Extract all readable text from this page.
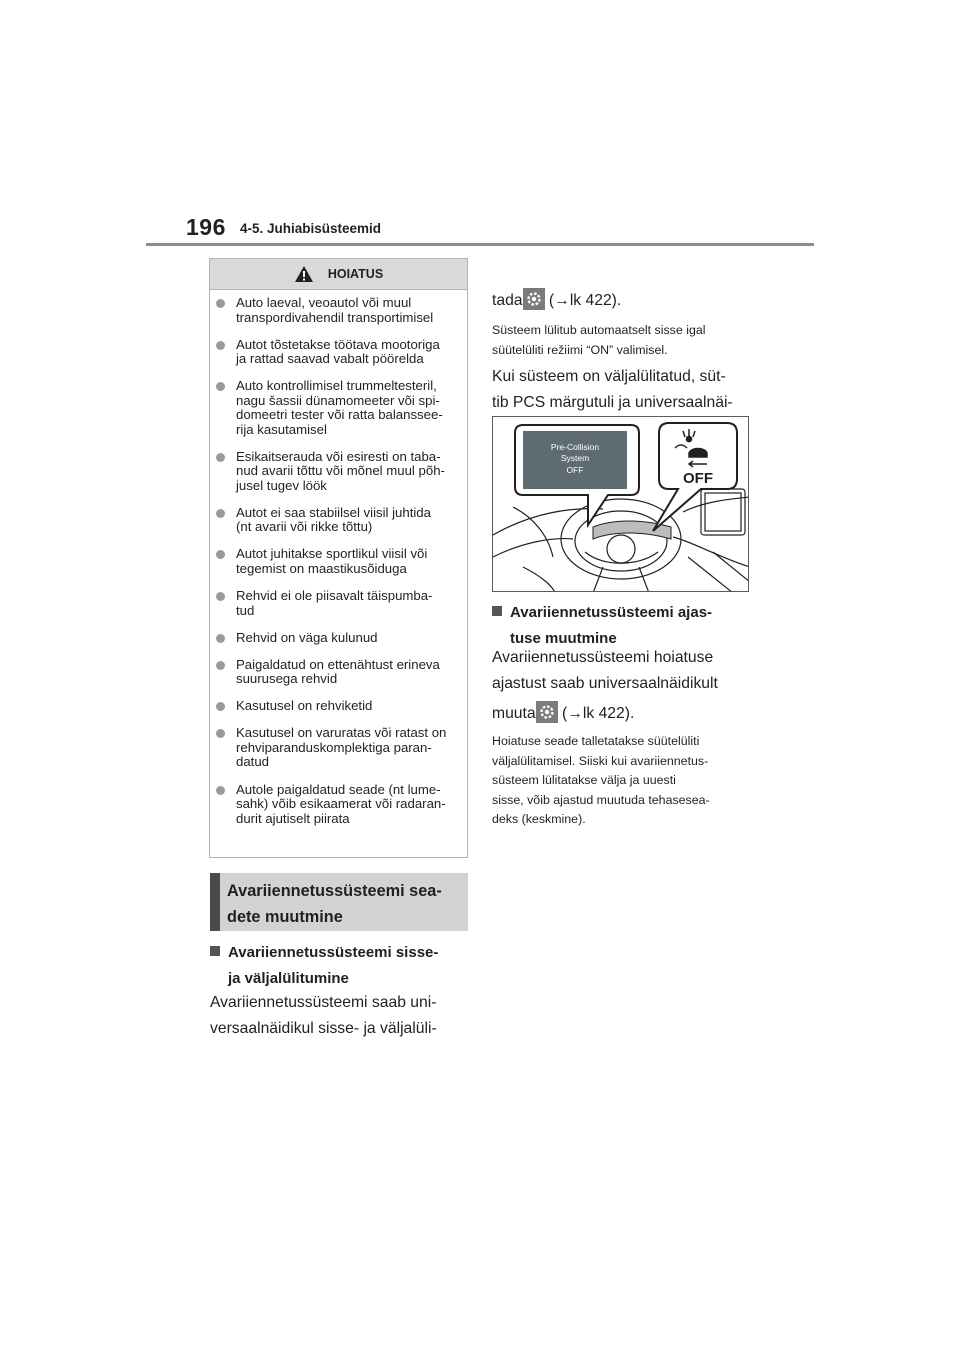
196 4-5. Juhiabisüsteemid
HOIATUS
Auto laeval, veoautol või muul
transpordivahendil transportimisel
Autot tõstetakse töötava mootoriga
ja rattad saavad vabalt pöörelda
Auto kontrollimisel trummeltesteril,
nagu šassii dünamomeeter või spi-
domeetri tester või ratta balanssee-
rija kasutamisel
Esikaitserauda või esiresti on taba-
nud avarii tõttu või mõnel muul põh-
jusel tugev löök
Autot ei saa stabiilsel viisil juhtida
(nt avarii või rikke tõttu)
Autot juhitakse sportlikul viisil või
tegemist on maastikusõiduga
Rehvid ei ole piisavalt täispumba-
tud
Rehvid on väga kulunud
Paigaldatud on ettenähtust erineva
suurusega rehvid
Kasutusel on rehviketid
Kasutusel on varuratas või ratast on
rehviparanduskomplektiga paran-
datud
Autole paigaldatud seade (nt lume-
sahk) võib esikaamerat või radaran-
durit ajutiselt piirata
Avariiennetussüsteemi sea-
dete muutmine
Avariiennetussüsteemi sisse-
ja väljalülitumine
Avariiennetussüsteemi saab uni-
versaalnäidikul sisse- ja väljalüli-
tada
(→lk 422).
Süsteem lülitub automaatselt sisse igal
süütelüliti režiimi “ON” valimisel.
Kui süsteem on väljalülitatud, süt-
tib PCS märgutuli ja universaalnäi-

Pre-Collision
System
OFF	OFF
Avariiennetussüsteemi ajas-
tuse muutmine
Avariiennetussüsteemi hoiatuse
ajastust saab universaalnäidikult
muuta
(→lk 422).
Hoiatuse seade talletatakse süütelüliti
väljalülitamisel. Siiski kui avariiennetus-
süsteem lülitatakse välja ja uuesti
sisse, võib ajastud muutuda tehasesea-
deks (keskmine).
